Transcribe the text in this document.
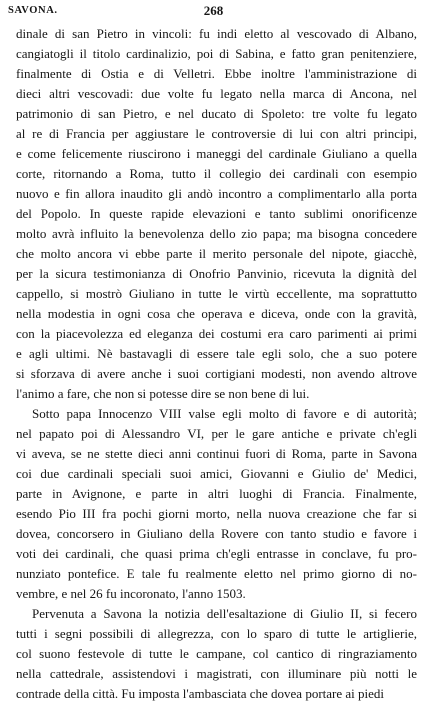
SAVONA.	268
dinale di san Pietro in vincoli: fu indi eletto al vescovado di Albano,
cangiatogli il titolo cardinalizio, poi di Sabina, e fatto gran penitenziere,
finalmente di Ostia e di Velletri. Ebbe inoltre l'amministrazione di
dieci altri vescovadi: due volte fu legato nella marca di Ancona, nel
patrimonio di san Pietro, e nel ducato di Spoleto: tre volte fu legato
al re di Francia per aggiustare le controversie di lui con altri principi,
e come felicemente riuscirono i maneggi del cardinale Giuliano a quella
corte, ritornando a Roma, tutto il collegio dei cardinali con esempio
nuovo e fin allora inaudito gli andò incontro a complimentarlo alla porta
del Popolo. In queste rapide elevazioni e tanto sublimi onorificenze
molto avrà influito la benevolenza dello zio papa; ma bisogna concedere
che molto ancora vi ebbe parte il merito personale del nipote, giacchè,
per la sicura testimonianza di Onofrio Panvinio, ricevuta la dignità del
cappello, si mostrò Giuliano in tutte le virtù eccellente, ma soprattutto
nella modestia in ogni cosa che operava e diceva, onde con la gravità,
con la piacevolezza ed eleganza dei costumi era caro parimenti ai primi
e agli ultimi. Nè bastavagli di essere tale egli solo, che a suo potere
si sforzava di avere anche i suoi cortigiani modesti, non avendo altrove
l'animo a fare, che non si potesse dire se non bene di lui.
Sotto papa Innocenzo VIII valse egli molto di favore e di autorità;
nel papato poi di Alessandro VI, per le gare antiche e private ch'egli
vi aveva, se ne stette dieci anni continui fuori di Roma, parte in Savona
coi due cardinali speciali suoi amici, Giovanni e Giulio de' Medici,
parte in Avignone, e parte in altri luoghi di Francia. Finalmente,
esendo Pio III fra pochi giorni morto, nella nuova creazione che far si
dovea, concorsero in Giuliano della Rovere con tanto studio e favore i
voti dei cardinali, che quasi prima ch'egli entrasse in conclave, fu pro-
nunziato pontefice. E tale fu realmente eletto nel primo giorno di no-
vembre, e nel 26 fu incoronato, l'anno 1503.
Pervenuta a Savona la notizia dell'esaltazione di Giulio II, si fecero
tutti i segni possibili di allegrezza, con lo sparo di tutte le artiglierie,
col suono festevole di tutte le campane, col cantico di ringraziamento
nella cattedrale, assistendovi i magistrati, con illuminare più notti le
contrade della città. Fu imposta l'ambasciata che dovea portare ai piedi
